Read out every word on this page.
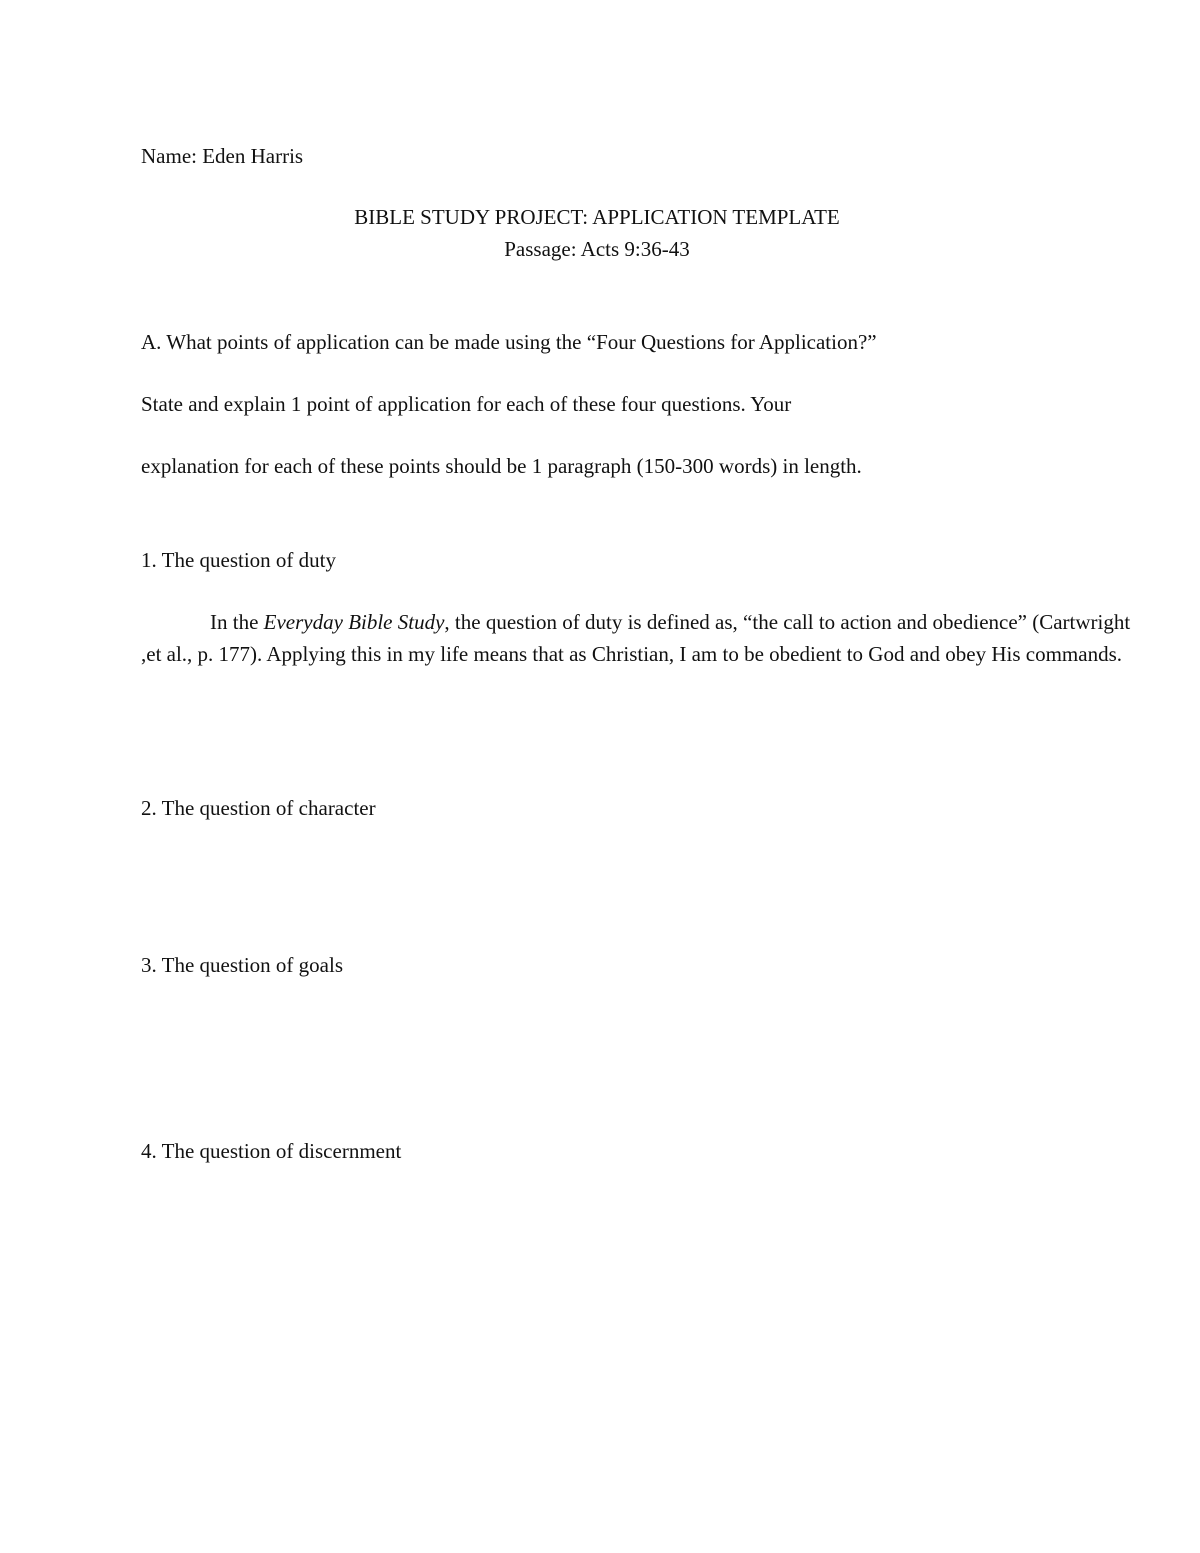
Name: Eden Harris
BIBLE STUDY PROJECT: APPLICATION TEMPLATE
Passage: Acts 9:36-43
A. What points of application can be made using the “Four Questions for Application?”
State and explain 1 point of application for each of these four questions. Your
explanation for each of these points should be 1 paragraph (150-300 words) in length.
1. The question of duty
In the Everyday Bible Study, the question of duty is defined as, “the call to action and obedience” (Cartwright ,et al., p. 177). Applying this in my life means that as Christian, I am to be obedient to God and obey His commands.
2. The question of character
3. The question of goals
4. The question of discernment
